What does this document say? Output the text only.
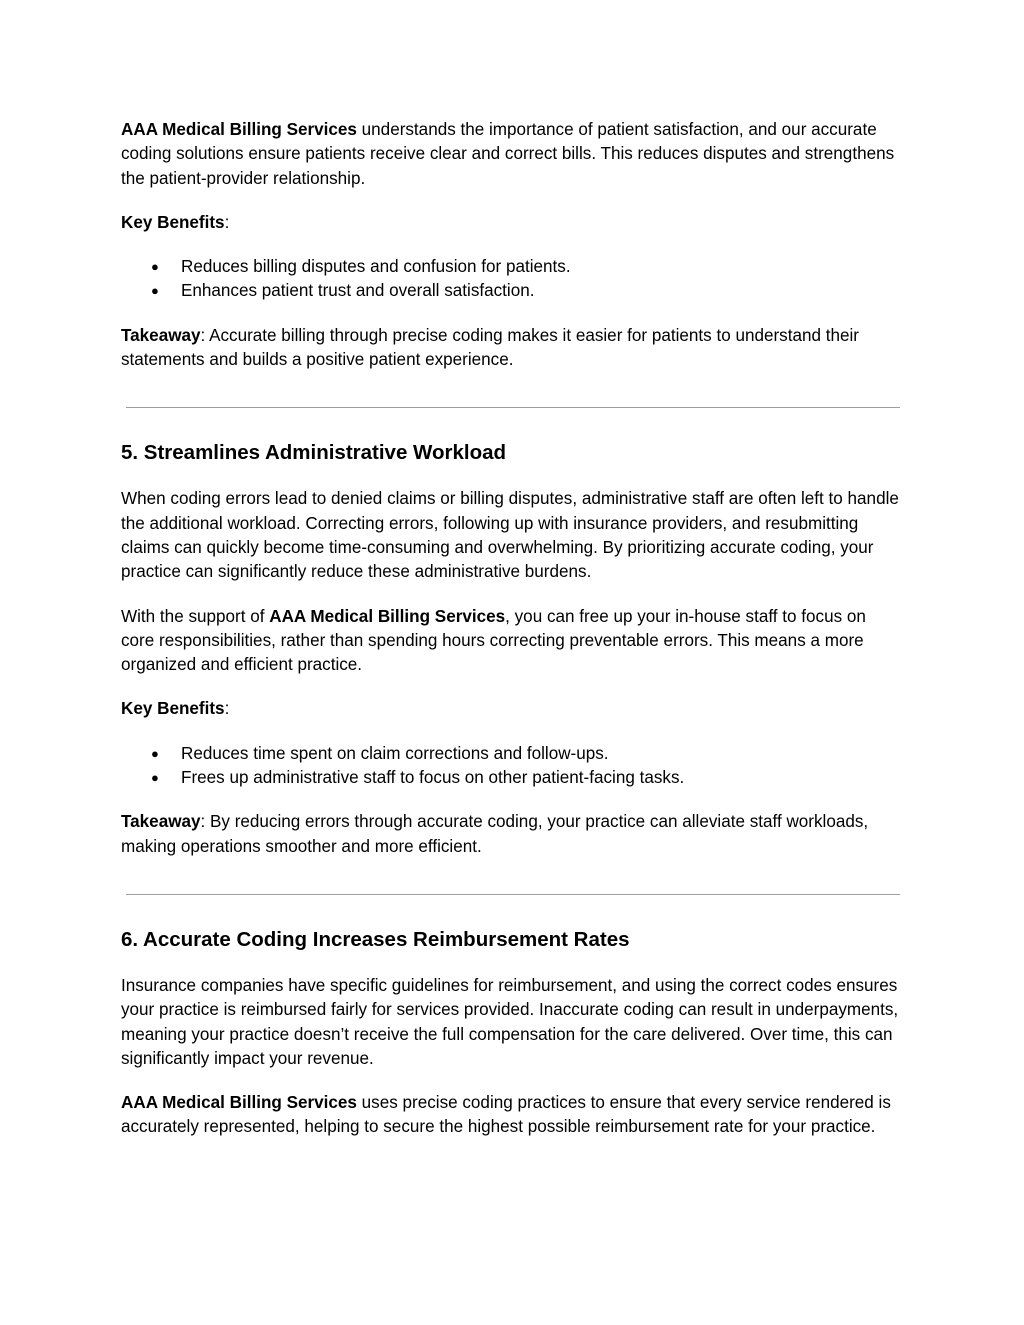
AAA Medical Billing Services understands the importance of patient satisfaction, and our accurate coding solutions ensure patients receive clear and correct bills. This reduces disputes and strengthens the patient-provider relationship.

Key Benefits:

● Reduces billing disputes and confusion for patients.
● Enhances patient trust and overall satisfaction.

Takeaway: Accurate billing through precise coding makes it easier for patients to understand their statements and builds a positive patient experience.

5. Streamlines Administrative Workload

When coding errors lead to denied claims or billing disputes, administrative staff are often left to handle the additional workload. Correcting errors, following up with insurance providers, and resubmitting claims can quickly become time-consuming and overwhelming. By prioritizing accurate coding, your practice can significantly reduce these administrative burdens.

With the support of AAA Medical Billing Services, you can free up your in-house staff to focus on core responsibilities, rather than spending hours correcting preventable errors. This means a more organized and efficient practice.

Key Benefits:

● Reduces time spent on claim corrections and follow-ups.
● Frees up administrative staff to focus on other patient-facing tasks.

Takeaway: By reducing errors through accurate coding, your practice can alleviate staff workloads, making operations smoother and more efficient.

6. Accurate Coding Increases Reimbursement Rates

Insurance companies have specific guidelines for reimbursement, and using the correct codes ensures your practice is reimbursed fairly for services provided. Inaccurate coding can result in underpayments, meaning your practice doesn’t receive the full compensation for the care delivered. Over time, this can significantly impact your revenue.

AAA Medical Billing Services uses precise coding practices to ensure that every service rendered is accurately represented, helping to secure the highest possible reimbursement rate for your practice.
